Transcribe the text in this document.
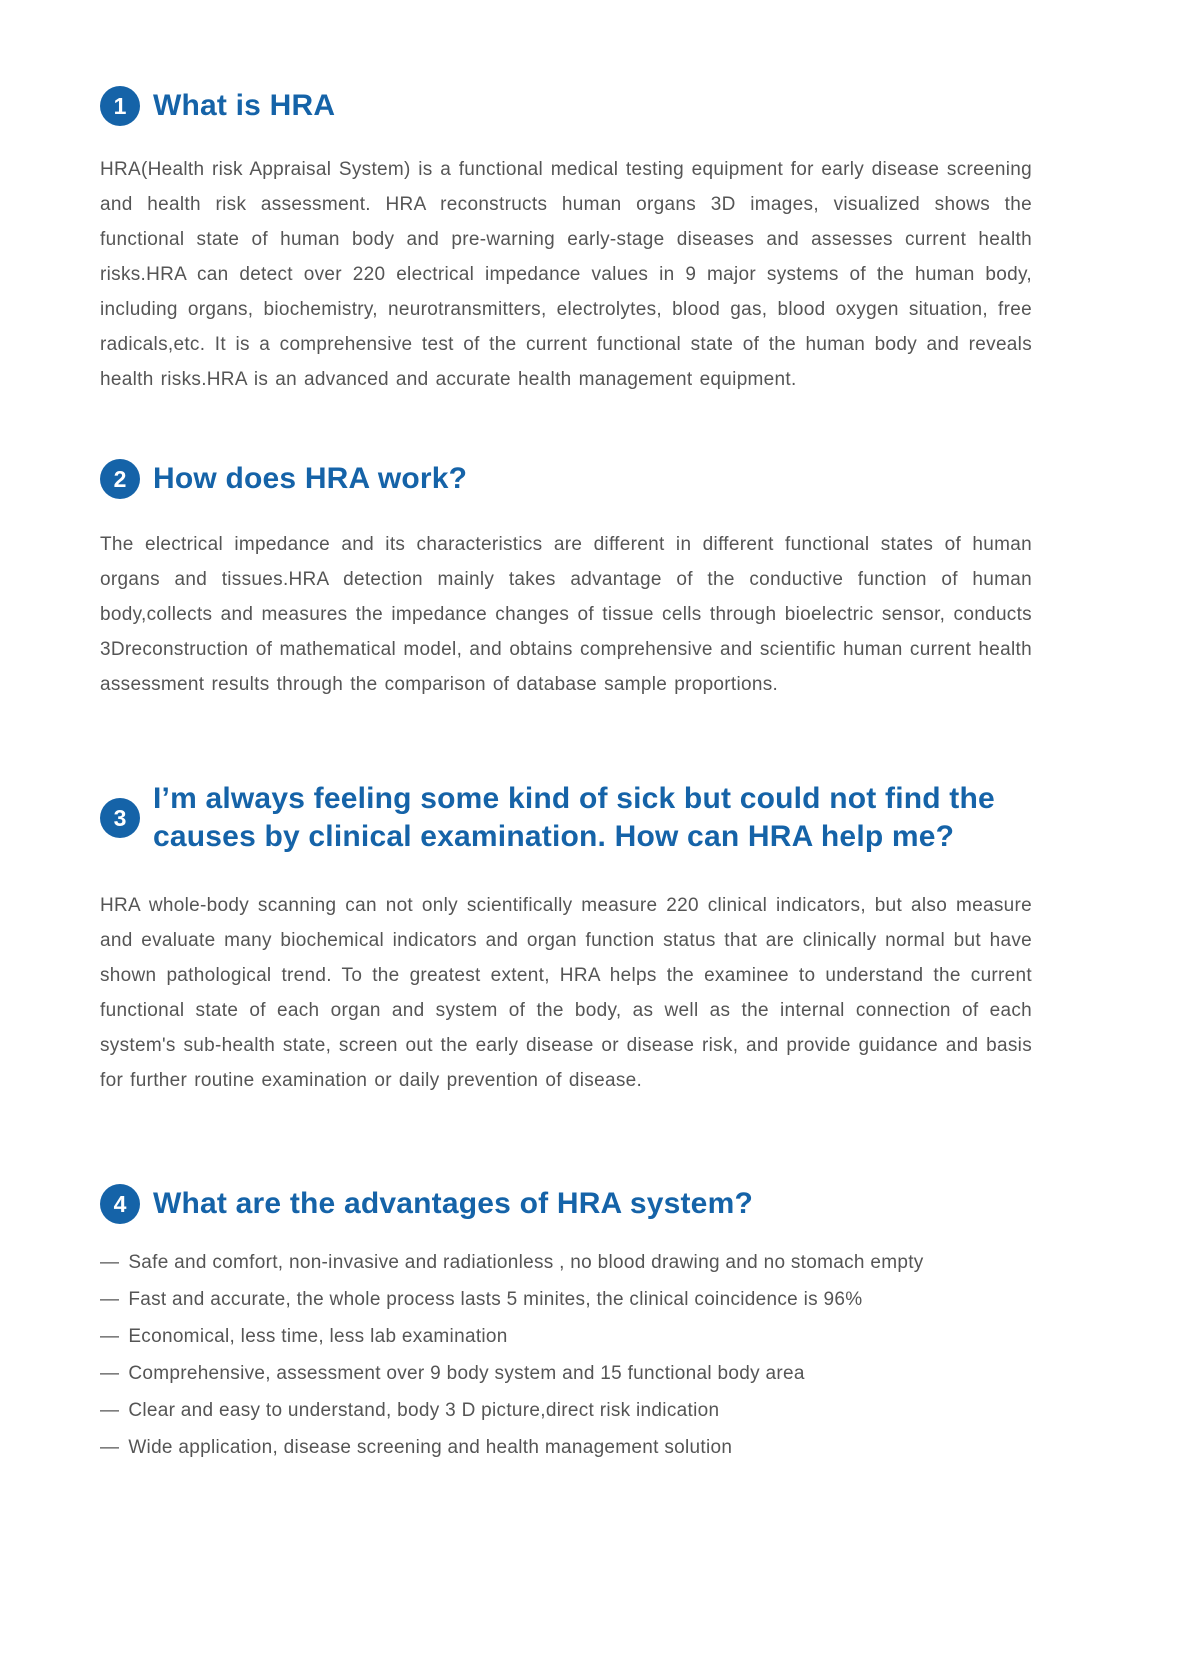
1 What is HRA

HRA(Health risk Appraisal System) is a functional medical testing equipment for early disease screening and health risk assessment. HRA reconstructs human organs 3D images, visualized shows the functional state of human body and pre-warning early-stage diseases and assesses current health risks.HRA can detect over 220 electrical impedance values in 9 major systems of the human body, including organs, biochemistry, neurotransmitters, electrolytes, blood gas, blood oxygen situation, free radicals,etc. It is a comprehensive test of the current functional state of the human body and reveals health risks.HRA is an advanced and accurate health management equipment.

2 How does HRA work?

The electrical impedance and its characteristics are different in different functional states of human organs and tissues.HRA detection mainly takes advantage of the conductive function of human body,collects and measures the impedance changes of tissue cells through bioelectric sensor, conducts 3Dreconstruction of mathematical model, and obtains comprehensive and scientific human current health assessment results through the comparison of database sample proportions.

3
I’m always feeling some kind of sick but could not find the causes by clinical examination. How can HRA help me?

HRA whole-body scanning can not only scientifically measure 220 clinical indicators, but also measure and evaluate many biochemical indicators and organ function status that are clinically normal but have shown pathological trend. To the greatest extent, HRA helps the examinee to understand the current functional state of each organ and system of the body, as well as the internal connection of each system's sub-health state, screen out the early disease or disease risk, and provide guidance and basis for further routine examination or daily prevention of disease.

4 What are the advantages of HRA system?
— Safe and comfort, non-invasive and radiationless , no blood drawing and no stomach empty
— Fast and accurate, the whole process lasts 5 minites, the clinical coincidence is 96%
— Economical, less time, less lab examination
— Comprehensive, assessment over 9 body system and 15 functional body area
— Clear and easy to understand, body 3 D picture,direct risk indication
— Wide application, disease screening and health management solution
